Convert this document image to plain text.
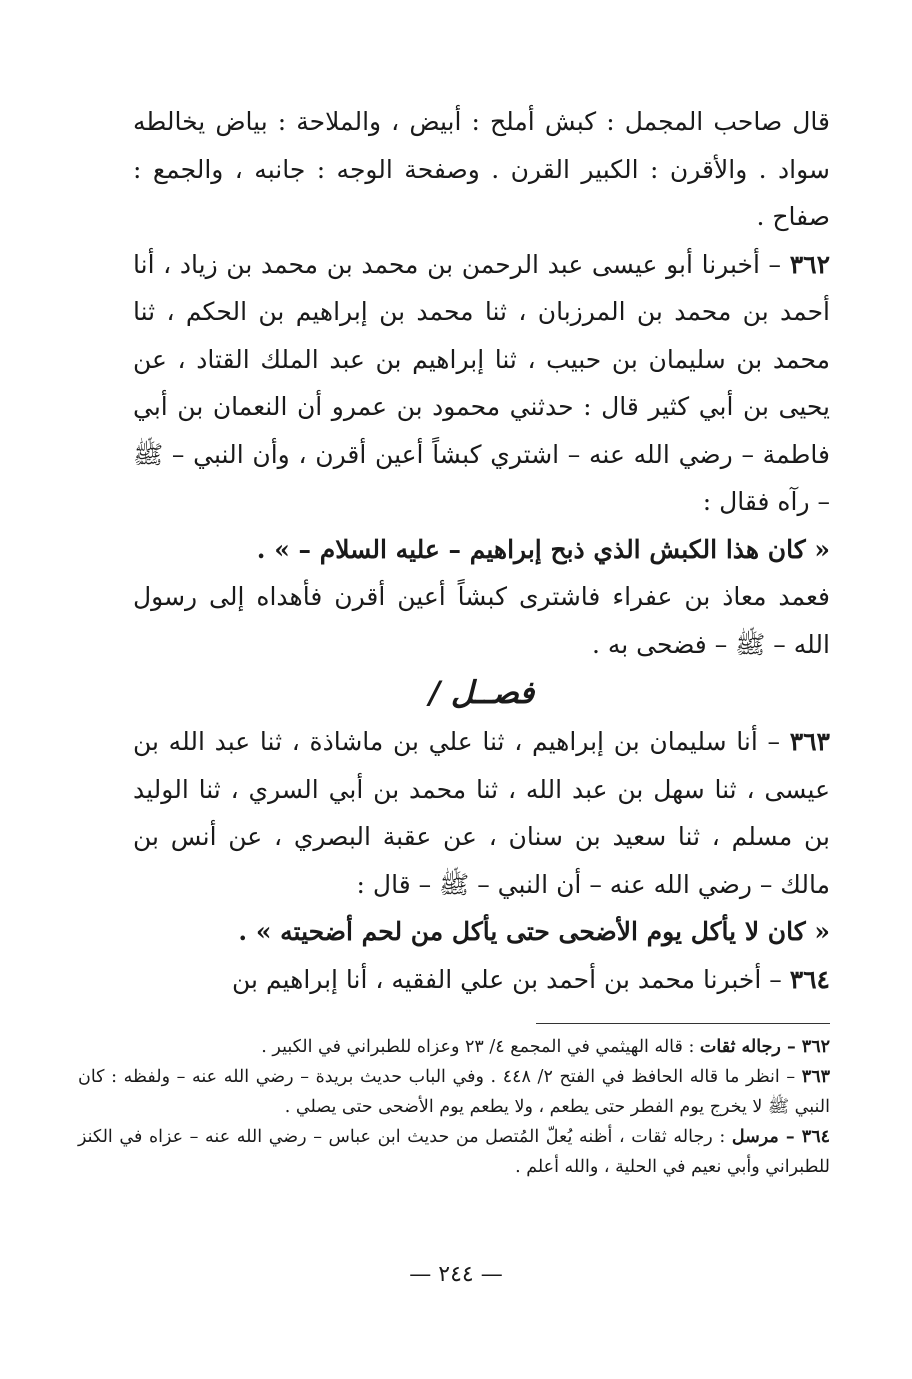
قال صاحب المجمل : كبش أملح : أبيض ، والملاحة : بياض يخالطه سواد . والأقرن : الكبير القرن . وصفحة الوجه : جانبه ، والجمع : صفاح .

٣٦٢ – أخبرنا أبو عيسى عبد الرحمن بن محمد بن محمد بن زياد ، أنا أحمد بن محمد بن المرزبان ، ثنا محمد بن إبراهيم بن الحكم ، ثنا محمد بن سليمان بن حبيب ، ثنا إبراهيم بن عبد الملك القتاد ، عن يحيى بن أبي كثير قال : حدثني محمود بن عمرو أن النعمان بن أبي فاطمة – رضي الله عنه – اشتري كبشاً أعين أقرن ، وأن النبي – ﷺ – رآه فقال :

« كان هذا الكبش الذي ذبح إبراهيم – عليه السلام – » .

فعمد معاذ بن عفراء فاشترى كبشاً أعين أقرن فأهداه إلى رسول الله – ﷺ – فضحى به .

فصــل /

٣٦٣ – أنا سليمان بن إبراهيم ، ثنا علي بن ماشاذة ، ثنا عبد الله بن عيسى ، ثنا سهل بن عبد الله ، ثنا محمد بن أبي السري ، ثنا الوليد بن مسلم ، ثنا سعيد بن سنان ، عن عقبة البصري ، عن أنس بن مالك – رضي الله عنه – أن النبي – ﷺ – قال :

« كان لا يأكل يوم الأضحى حتى يأكل من لحم أضحيته » .

٣٦٤ – أخبرنا محمد بن أحمد بن علي الفقيه ، أنا إبراهيم بن

٣٦٢ – رجاله ثقات : قاله الهيثمي في المجمع ٤/ ٢٣ وعزاه للطبراني في الكبير .

٣٦٣ – انظر ما قاله الحافظ في الفتح ٢/ ٤٤٨ . وفي الباب حديث بريدة – رضي الله عنه – ولفظه : كان النبي ﷺ لا يخرج يوم الفطر حتى يطعم ، ولا يطعم يوم الأضحى حتى يصلي .

٣٦٤ – مرسل : رجاله ثقات ، أظنه يُعلّ المُتصل من حديث ابن عباس – رضي الله عنه – عزاه في الكنز للطبراني وأبي نعيم في الحلية ، والله أعلم .

— ٢٤٤ —
